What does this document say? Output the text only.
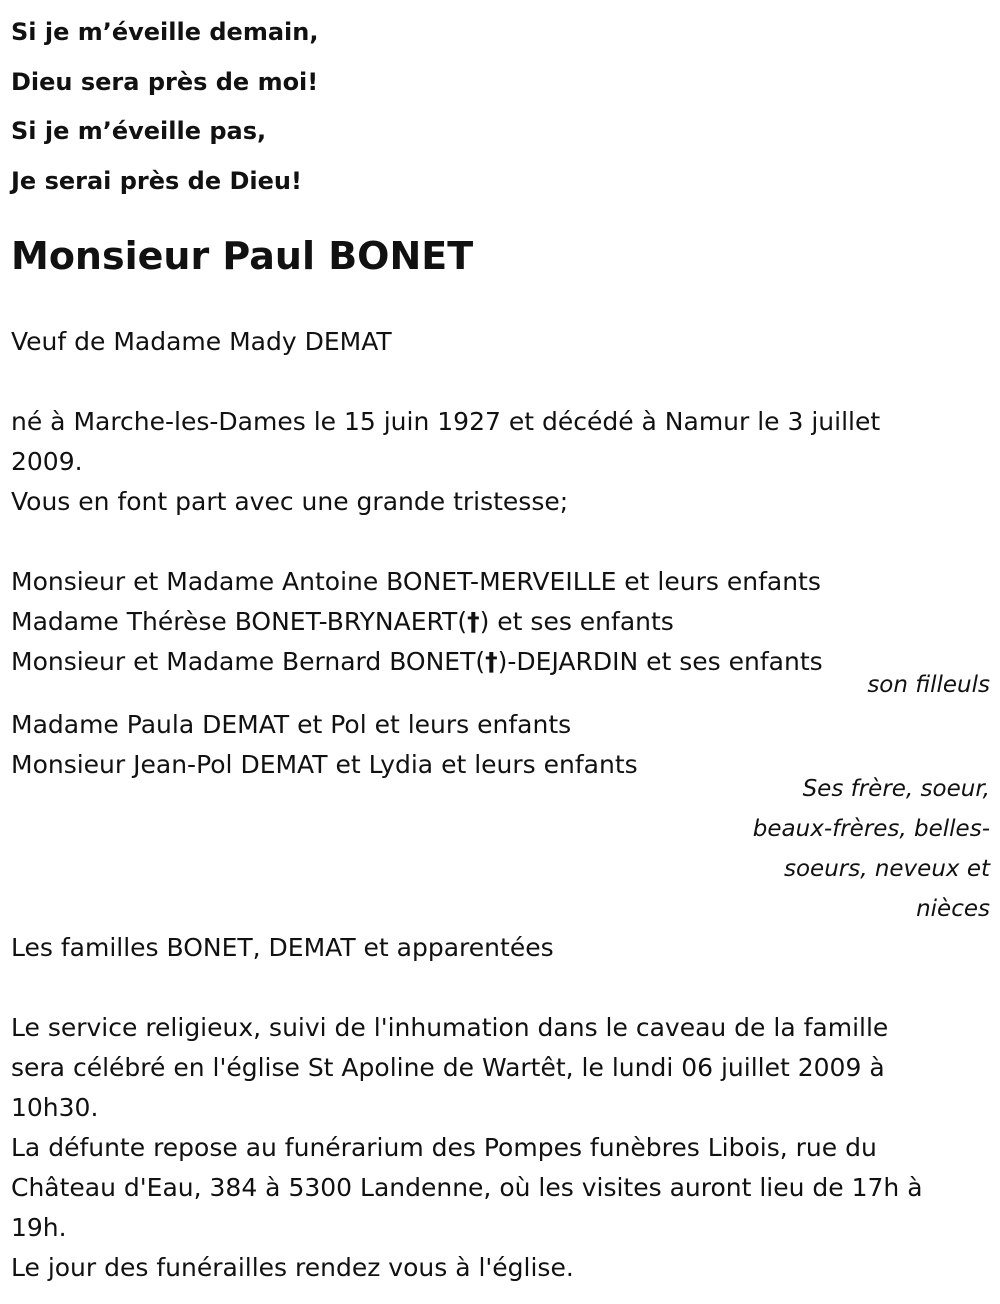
Si je m’éveille demain,
Dieu sera près de moi!
Si je m’éveille pas,
Je serai près de Dieu!
Monsieur Paul BONET
Veuf de Madame Mady DEMAT
né à Marche-les-Dames le 15 juin 1927 et décédé à Namur le 3 juillet
2009.
Vous en font part avec une grande tristesse;
Monsieur et Madame Antoine BONET-MERVEILLE et leurs enfants
Madame Thérèse BONET-BRYNAERT(†) et ses enfants
Monsieur et Madame Bernard BONET(†)-DEJARDIN et ses enfants
son filleuls
Madame Paula DEMAT et Pol et leurs enfants
Monsieur Jean-Pol DEMAT et Lydia et leurs enfants
Ses frère, soeur,
beaux-frères, belles-
soeurs, neveux et
nièces
Les familles BONET, DEMAT et apparentées
Le service religieux, suivi de l'inhumation dans le caveau de la famille
sera célébré en l'église St Apoline de Wartêt, le lundi 06 juillet 2009 à
10h30.
La défunte repose au funérarium des Pompes funèbres Libois, rue du
Château d'Eau, 384 à 5300 Landenne, où les visites auront lieu de 17h à
19h.
Le jour des funérailles rendez vous à l'église.
